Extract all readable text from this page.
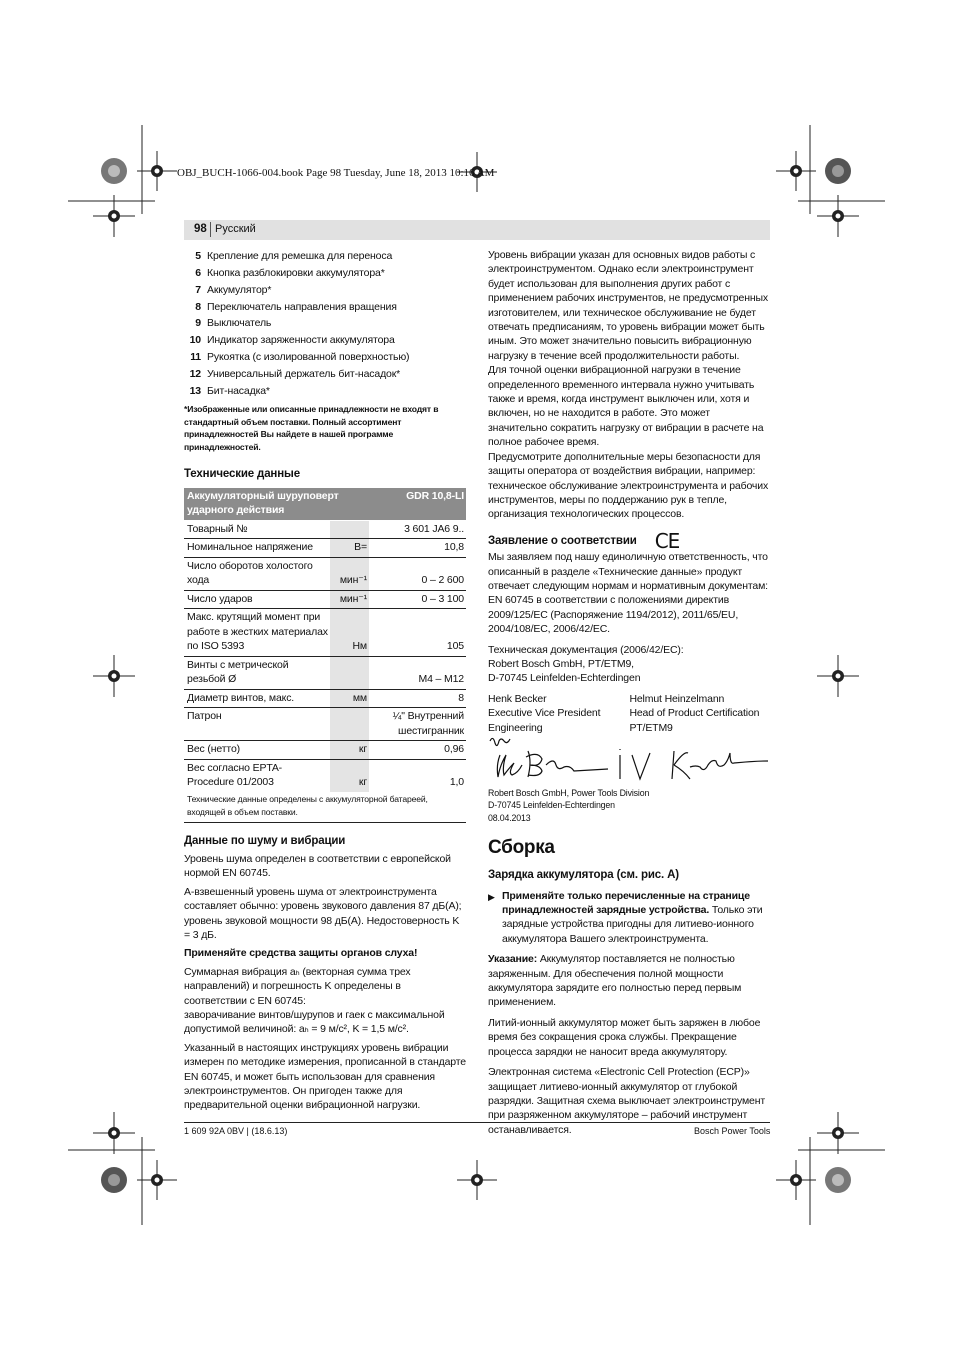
OBJ_BUCH-1066-004.book Page 98 Tuesday, June 18, 2013 10:16 AM
98 Русский
5 Крепление для ремешка для переноса
6 Кнопка разблокировки аккумулятора*
7 Аккумулятор*
8 Переключатель направления вращения
9 Выключатель
10 Индикатор заряженности аккумулятора
11 Рукоятка (с изолированной поверхностью)
12 Универсальный держатель бит-насадок*
13 Бит-насадка*

*Изображенные или описанные принадлежности не входят в стандартный объем поставки. Полный ассортимент принадлежностей Вы найдете в нашей программе принадлежностей.

Технические данные

Аккумуляторный шуруповерт ударного действия		GDR 10,8-LI
Товарный №		3 601 JA6 9..
Номинальное напряжение	В=	10,8
Число оборотов холостого хода	мин⁻¹	0 – 2 600
Число ударов	мин⁻¹	0 – 3 100
Макс. крутящий момент при работе в жестких материалах по ISO 5393	Нм	105
Винты с метрической резьбой Ø		M4 – M12
Диаметр винтов, макс.	мм	8
Патрон		¼" Внутренний шестигранник
Вес (нетто)	кг	0,96
Вес согласно EPTA-Procedure 01/2003	кг	1,0
Технические данные определены с аккумуляторной батареей, входящей в объем поставки.

Данные по шуму и вибрации

Уровень шума определен в соответствии с европейской нормой EN 60745.

А-взвешенный уровень шума от электроинструмента составляет обычно: уровень звукового давления 87 дБ(A); уровень звуковой мощности 98 дБ(A). Недостоверность K = 3 дБ.

Применяйте средства защиты органов слуха!

Суммарная вибрация aₕ (векторная сумма трех направлений) и погрешность K определены в соответствии с EN 60745:

заворачивание винтов/шурупов и гаек с максимальной допустимой величиной: aₕ = 9 м/с², K = 1,5 м/с².

Указанный в настоящих инструкциях уровень вибрации измерен по методике измерения, прописанной в стандарте EN 60745, и может быть использован для сравнения электроинструментов. Он пригоден также для предварительной оценки вибрационной нагрузки.

Уровень вибрации указан для основных видов работы с электроинструментом. Однако если электроинструмент будет использован для выполнения других работ с применением рабочих инструментов, не предусмотренных изготовителем, или техническое обслуживание не будет отвечать предписаниям, то уровень вибрации может быть иным. Это может значительно повысить вибрационную нагрузку в течение всей продолжительности работы.

Для точной оценки вибрационной нагрузки в течение определенного временного интервала нужно учитывать также и время, когда инструмент выключен или, хотя и включен, но не находится в работе. Это может значительно сократить нагрузку от вибрации в расчете на полное рабочее время.

Предусмотрите дополнительные меры безопасности для защиты оператора от воздействия вибрации, например: техническое обслуживание электроинструмента и рабочих инструментов, меры по поддержанию рук в тепле, организация технологических процессов.

Заявление о соответствии CE

Мы заявляем под нашу единоличную ответственность, что описанный в разделе «Технические данные» продукт отвечает следующим нормам и нормативным документам: EN 60745 в соответствии с положениями директив 2009/125/EC (Распоряжение 1194/2012), 2011/65/EU, 2004/108/EC, 2006/42/EC.

Техническая документация (2006/42/EC):

Robert Bosch GmbH, PT/ETM9,

D-70745 Leinfelden-Echterdingen

Henk Becker

Executive Vice President

Engineering

Helmut Heinzelmann

Head of Product Certification

PT/ETM9

Robert Bosch GmbH, Power Tools Division

D-70745 Leinfelden-Echterdingen

08.04.2013

Сборка

Зарядка аккумулятора (см. рис. А)

▶ Применяйте только перечисленные на странице принадлежностей зарядные устройства. Только эти зарядные устройства пригодны для литиево-ионного аккумулятора Вашего электроинструмента.

Указание: Аккумулятор поставляется не полностью заряженным. Для обеспечения полной мощности аккумулятора зарядите его полностью перед первым применением.

Литий-ионный аккумулятор может быть заряжен в любое время без сокращения срока службы. Прекращение процесса зарядки не наносит вреда аккумулятору.

Электронная система «Electronic Cell Protection (ECP)» защищает литиево-ионный аккумулятор от глубокой разрядки. Защитная схема выключает электроинструмент при разряженном аккумуляторе – рабочий инструмент останавливается.

1 609 92A 0BV | (18.6.13)	Bosch Power Tools
